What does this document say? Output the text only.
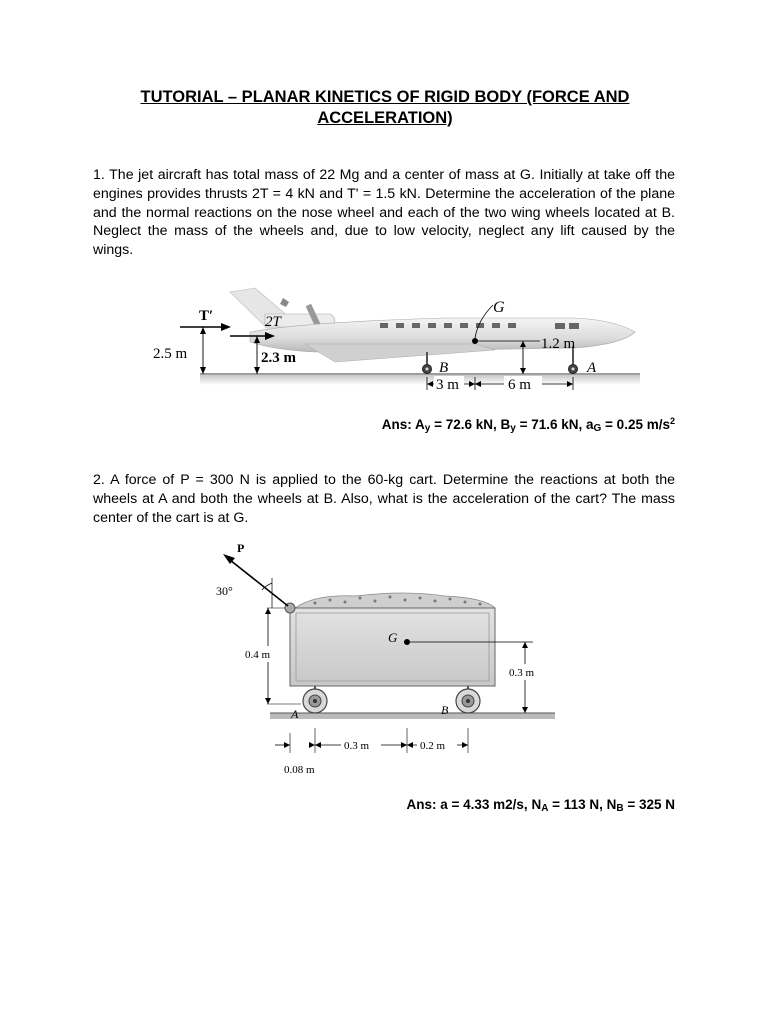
TUTORIAL – PLANAR KINETICS OF RIGID BODY (FORCE AND ACCELERATION)
1. The jet aircraft has total mass of 22 Mg and a center of mass at G. Initially at take off the engines provides thrusts 2T = 4 kN and T' = 1.5 kN. Determine the acceleration of the plane and the normal reactions on the nose wheel and each of the two wing wheels located at B. Neglect the mass of the wheels and, due to low velocity, neglect any lift caused by the wings.
T′	2T
2.5 m	2.3 m
G
1.2 m
B	A
3 m	6 m
Ans: $A_y = 72.6$ kN, $B_y = 71.6$ kN, $a_G = 0.25$ $m/s^2$
2. A force of P = 300 N is applied to the 60-kg cart. Determine the reactions at both the wheels at A and both the wheels at B. Also, what is the acceleration of the cart? The mass center of the cart is at G.
P
30°
A	B
G
0.3 m
0.4 m
0.3 m	0.2 m
0.08 m
Ans: a = 4.33 m2/s, $N_A = 113$ N, $N_B = 325$ N
